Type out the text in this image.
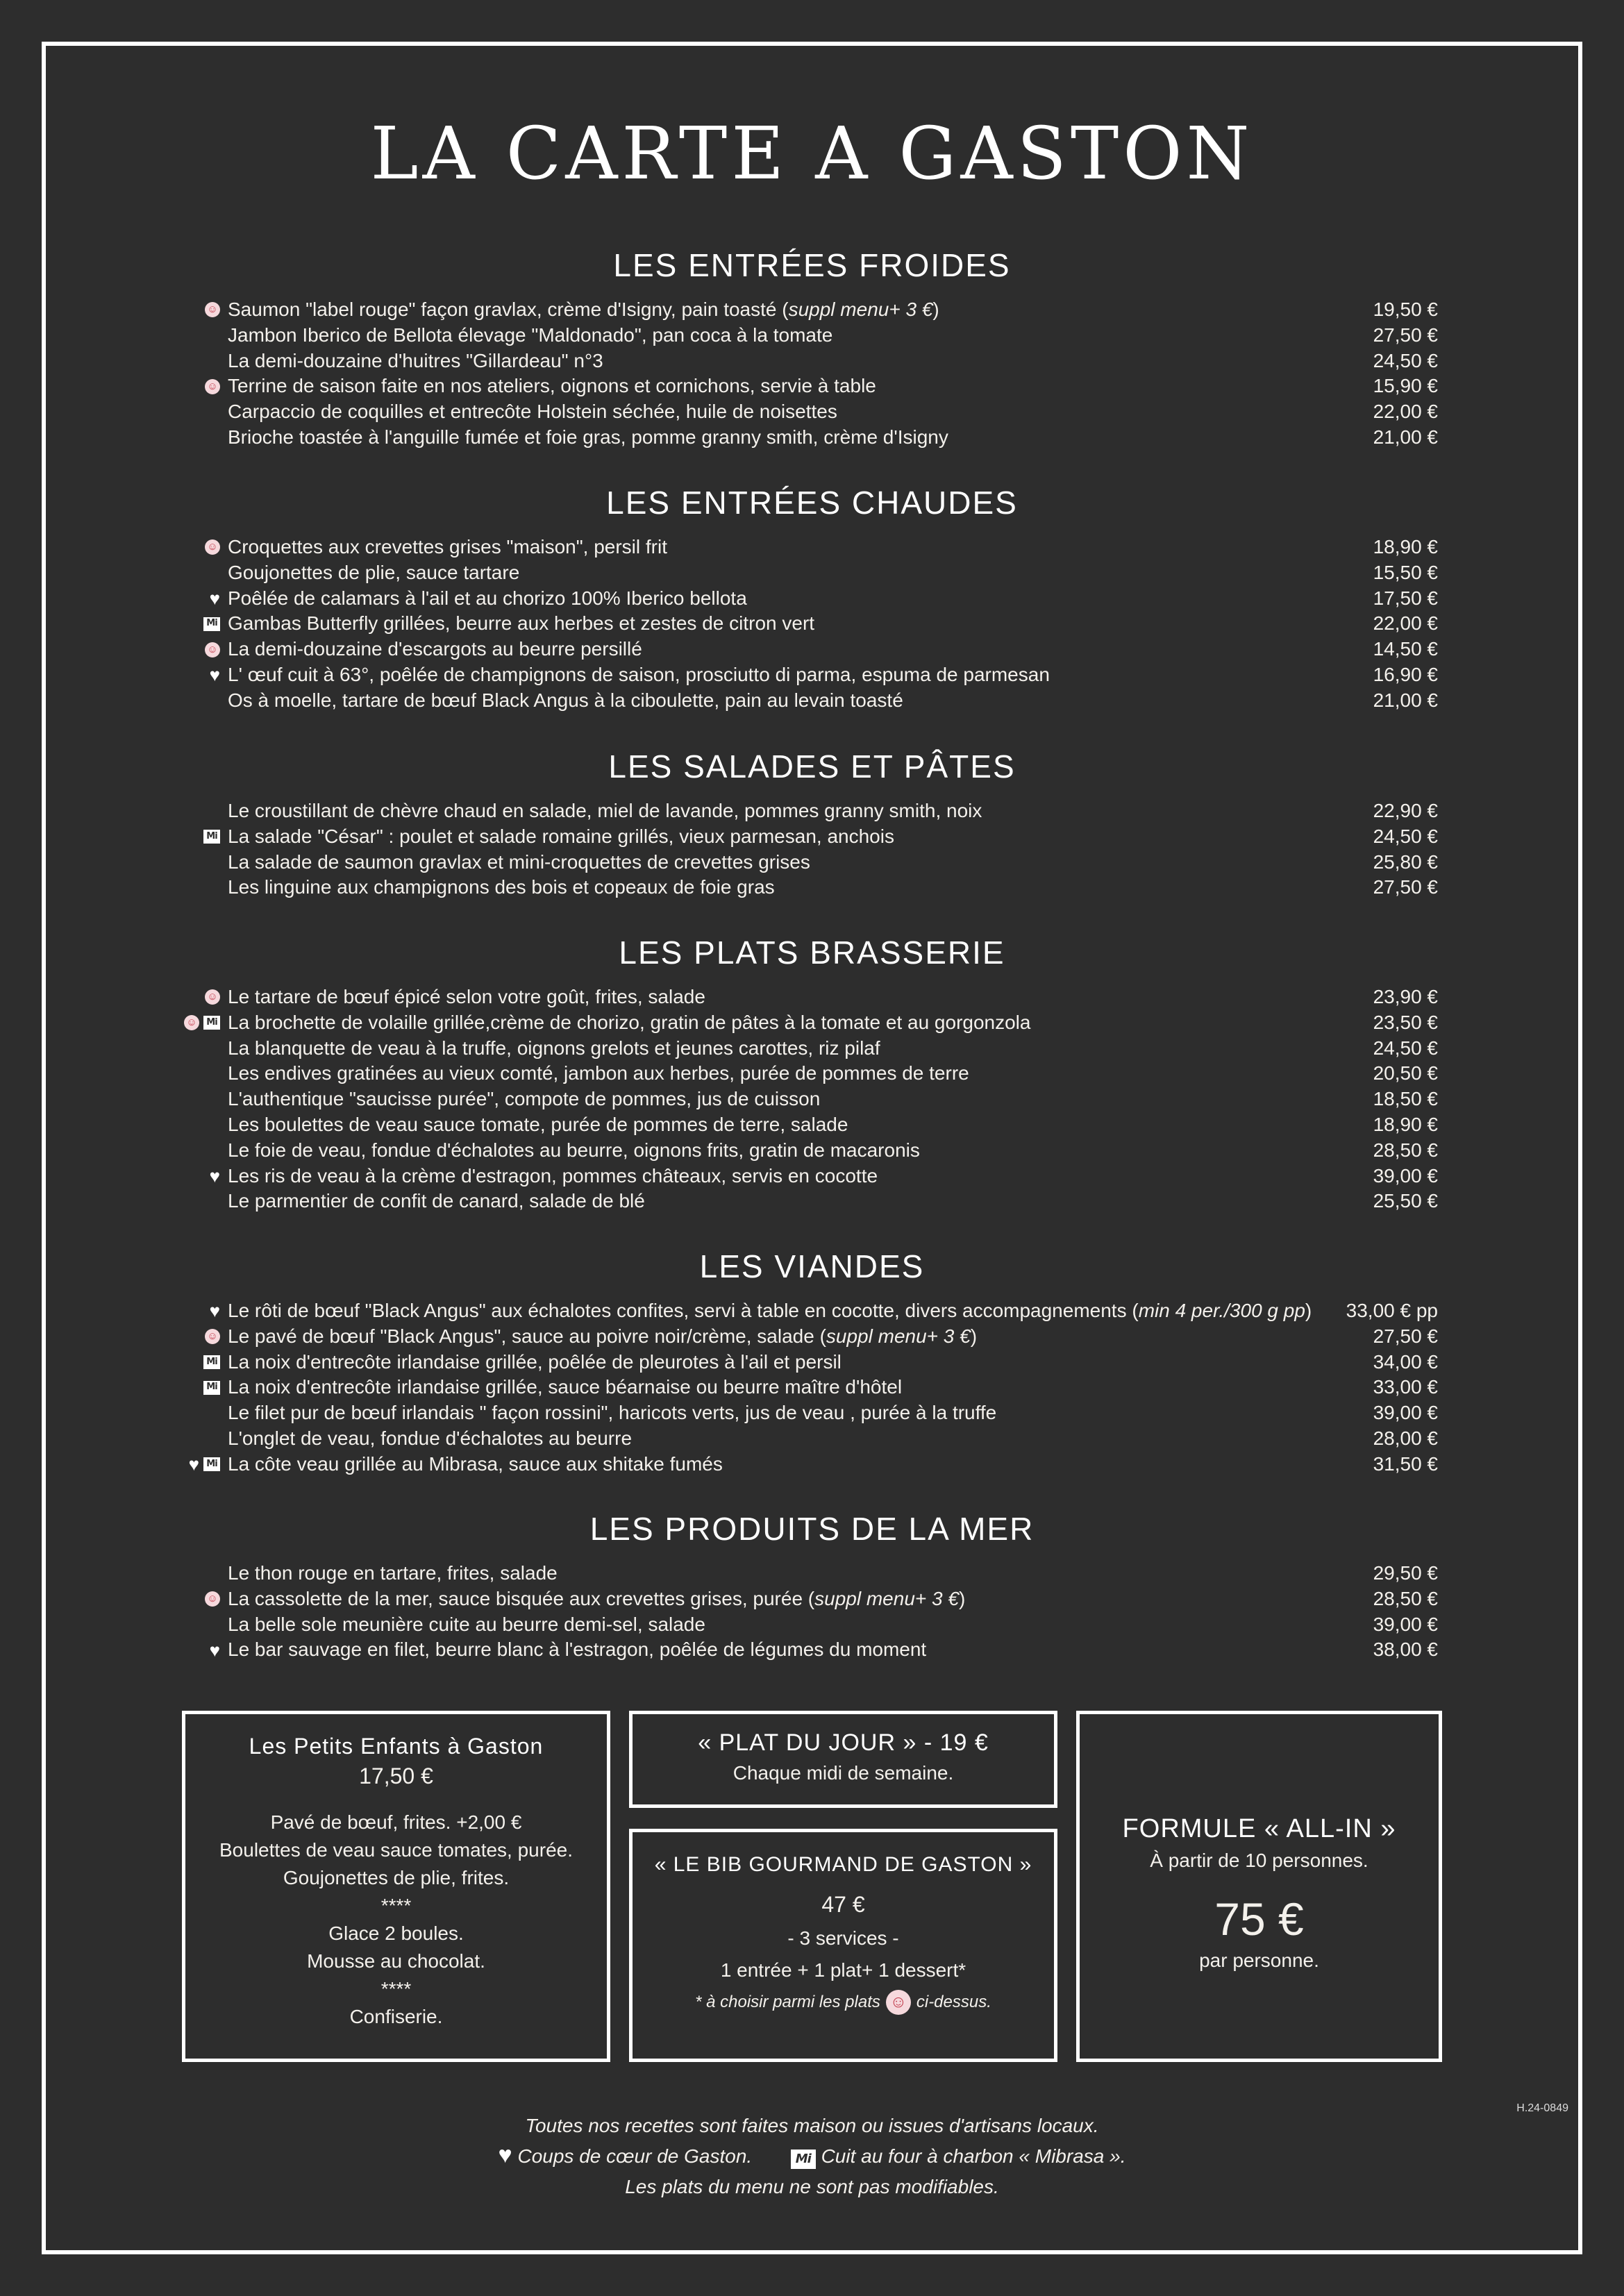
LA CARTE A GASTON
LES ENTRÉES FROIDES
☺ Saumon "label rouge" façon gravlax, crème d'Isigny, pain toasté (suppl menu+ 3 €)	19,50 €
Jambon Iberico de Bellota élevage "Maldonado", pan coca à la tomate	27,50 €
La demi-douzaine d'huitres "Gillardeau" n°3	24,50 €
☺ Terrine de saison faite en nos ateliers, oignons et cornichons, servie à table	15,90 €
Carpaccio de coquilles et entrecôte Holstein séchée, huile de noisettes	22,00 €
Brioche toastée à l'anguille fumée et foie gras, pomme granny smith, crème d'Isigny	21,00 €
LES ENTRÉES CHAUDES
☺ Croquettes aux crevettes grises "maison", persil frit	18,90 €
Goujonettes de plie, sauce tartare	15,50 €
♥ Poêlée de calamars à l'ail et au chorizo 100% Iberico bellota	17,50 €
Mi Gambas Butterfly grillées, beurre aux herbes et zestes de citron vert	22,00 €
☺ La demi-douzaine d'escargots au beurre persillé	14,50 €
♥ L' œuf cuit à 63°, poêlée de champignons de saison, prosciutto di parma, espuma de parmesan	16,90 €
Os à moelle, tartare de bœuf Black Angus à la ciboulette, pain au levain toasté	21,00 €
LES SALADES ET PÂTES
Le croustillant de chèvre chaud en salade, miel de lavande, pommes granny smith, noix	22,90 €
Mi La salade "César" : poulet et salade romaine grillés, vieux parmesan, anchois	24,50 €
La salade de saumon gravlax et mini-croquettes de crevettes grises	25,80 €
Les linguine aux champignons des bois et copeaux de foie gras	27,50 €
LES PLATS BRASSERIE
☺ Le tartare de bœuf épicé selon votre goût, frites, salade	23,90 €
☺	Mi La brochette de volaille grillée,crème de chorizo, gratin de pâtes à la tomate et au gorgonzola	23,50 €
La blanquette de veau à la truffe, oignons grelots et jeunes carottes, riz pilaf	24,50 €
Les endives gratinées au vieux comté, jambon aux herbes, purée de pommes de terre	20,50 €
L'authentique "saucisse purée", compote de pommes, jus de cuisson	18,50 €
Les boulettes de veau sauce tomate, purée de pommes de terre, salade	18,90 €
Le foie de veau, fondue d'échalotes au beurre, oignons frits, gratin de macaronis	28,50 €
♥ Les ris de veau à la crème d'estragon, pommes châteaux, servis en cocotte	39,00 €
Le parmentier de confit de canard, salade de blé	25,50 €
LES VIANDES
♥ Le rôti de bœuf "Black Angus" aux échalotes confites, servi à table en cocotte, divers accompagnements (min 4 per./300 g pp) 33,00 € pp
☺ Le pavé de bœuf "Black Angus", sauce au poivre noir/crème, salade (suppl menu+ 3 €)	27,50 €
Mi La noix d'entrecôte irlandaise grillée, poêlée de pleurotes à l'ail et persil	34,00 €
Mi La noix d'entrecôte irlandaise grillée, sauce béarnaise ou beurre maître d'hôtel	33,00 €
Le filet pur de bœuf irlandais " façon rossini", haricots verts, jus de veau , purée à la truffe	39,00 €
L'onglet de veau, fondue d'échalotes au beurre	28,00 €
♥ Mi La côte veau grillée au Mibrasa, sauce aux shitake fumés	31,50 €
LES PRODUITS DE LA MER
Le thon rouge en tartare, frites, salade	29,50 €
☺ La cassolette de la mer, sauce bisquée aux crevettes grises, purée (suppl menu+ 3 €)	28,50 €
La belle sole meunière cuite au beurre demi-sel, salade	39,00 €
♥ Le bar sauvage en filet, beurre blanc à l'estragon, poêlée de légumes du moment	38,00 €
Les Petits Enfants à Gaston
17,50 €
Pavé de bœuf, frites. +2,00 €
Boulettes de veau sauce tomates, purée.
Goujonettes de plie, frites.
****
Glace 2 boules.
Mousse au chocolat.
****
Confiserie.
« PLAT DU JOUR » - 19 €
Chaque midi de semaine.
« LE BIB GOURMAND DE GASTON »
47 €
- 3 services -
1 entrée + 1 plat+ 1 dessert*
* à choisir parmi les plats ☺ ci-dessus.
FORMULE « ALL-IN »
À partir de 10 personnes.
75 €
par personne.
Toutes nos recettes sont faites maison ou issues d'artisans locaux.
♥ Coups de cœur de Gaston.	Mi Cuit au four à charbon « Mibrasa ».
Les plats du menu ne sont pas modifiables.
H.24-0849
